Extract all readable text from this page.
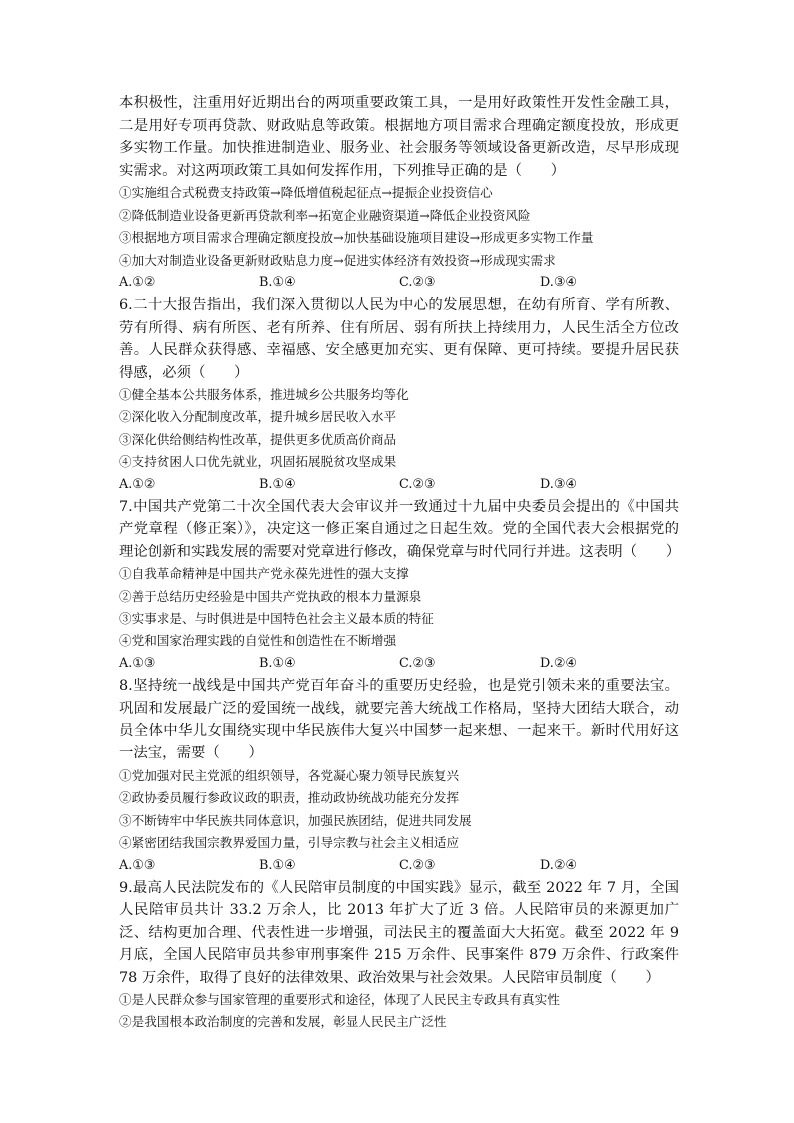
本积极性，注重用好近期出台的两项重要政策工具，一是用好政策性开发性金融工具，二是用好专项再贷款、财政贴息等政策。根据地方项目需求合理确定额度投放，形成更多实物工作量。加快推进制造业、服务业、社会服务等领域设备更新改造，尽早形成现实需求。对这两项政策工具如何发挥作用，下列推导正确的是（　　）

①实施组合式税费支持政策→降低增值税起征点→提振企业投资信心

②降低制造业设备更新再贷款利率→拓宽企业融资渠道→降低企业投资风险

③根据地方项目需求合理确定额度投放→加快基础设施项目建设→形成更多实物工作量

④加大对制造业设备更新财政贴息力度→促进实体经济有效投资→形成现实需求

A.①②	B.①④	C.②③	D.③④

6.二十大报告指出，我们深入贯彻以人民为中心的发展思想，在幼有所育、学有所教、劳有所得、病有所医、老有所养、住有所居、弱有所扶上持续用力，人民生活全方位改善。人民群众获得感、幸福感、安全感更加充实、更有保障、更可持续。要提升居民获得感，必须（　　）

①健全基本公共服务体系，推进城乡公共服务均等化

②深化收入分配制度改革，提升城乡居民收入水平

③深化供给侧结构性改革，提供更多优质高价商品

④支持贫困人口优先就业，巩固拓展脱贫攻坚成果

A.①②	B.①④	C.②③	D.③④

7.中国共产党第二十次全国代表大会审议并一致通过十九届中央委员会提出的《中国共产党章程（修正案）》，决定这一修正案自通过之日起生效。党的全国代表大会根据党的理论创新和实践发展的需要对党章进行修改，确保党章与时代同行并进。这表明（　　）

①自我革命精神是中国共产党永葆先进性的强大支撑

②善于总结历史经验是中国共产党执政的根本力量源泉

③实事求是、与时俱进是中国特色社会主义最本质的特征

④党和国家治理实践的自觉性和创造性在不断增强

A.①③	B.①④	C.②③	D.②④

8.坚持统一战线是中国共产党百年奋斗的重要历史经验，也是党引领未来的重要法宝。巩固和发展最广泛的爱国统一战线，就要完善大统战工作格局，坚持大团结大联合，动员全体中华儿女围绕实现中华民族伟大复兴中国梦一起来想、一起来干。新时代用好这一法宝，需要（　　）

①党加强对民主党派的组织领导，各党凝心聚力领导民族复兴

②政协委员履行参政议政的职责，推动政协统战功能充分发挥

③不断铸牢中华民族共同体意识，加强民族团结，促进共同发展

④紧密团结我国宗教界爱国力量，引导宗教与社会主义相适应

A.①③	B.①④	C.②③	D.②④

9.最高人民法院发布的《人民陪审员制度的中国实践》显示，截至 2022 年 7 月，全国人民陪审员共计 33.2 万余人，比 2013 年扩大了近 3 倍。人民陪审员的来源更加广泛、结构更加合理、代表性进一步增强，司法民主的覆盖面大大拓宽。截至 2022 年 9 月底，全国人民陪审员共参审刑事案件 215 万余件、民事案件 879 万余件、行政案件 78 万余件，取得了良好的法律效果、政治效果与社会效果。人民陪审员制度（　　）

①是人民群众参与国家管理的重要形式和途径，体现了人民民主专政具有真实性

②是我国根本政治制度的完善和发展，彰显人民民主广泛性
